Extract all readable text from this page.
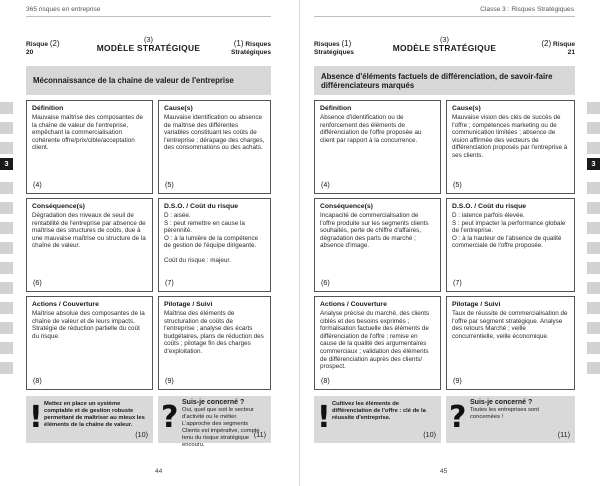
365 risques en entreprise
Risque (2)
20
(3)
MODÈLE STRATÉGIQUE	(1) Risques
Stratégiques
Méconnaissance de la chaine de valeur de l'entreprise
Définition

Mauvaise maîtrise des composantes de la chaîne de valeur de l'entreprise, empêchant la commercialisation cohérente offre/prix/cible/acceptation client.

(4)
Cause(s)

Mauvaise identification ou absence de maîtrise des différentes variables constituant les coûts de l'entreprise ; dérapage des charges, des consommations ou des achats.

(5)
Conséquence(s)

Dégradation des niveaux de seuil de rentabilité de l'entreprise par absence de maîtrise des structures de coûts, due à une mauvaise maîtrise ou structure de la chaîne de valeur.

(6)
D.S.O. / Coût du risque

D : aisée.
S : peut remettre en cause la pérennité.
O : à la lumière de la compétence de gestion de l'équipe dirigeante.

Coût du risque : majeur.

(7)
Actions / Couverture

Maîtrise absolue des composantes de la chaîne de valeur et de leurs impacts. Stratégie de réduction partielle du coût du risque.

(8)
Pilotage / Suivi

Maîtrise des éléments de structuration de coûts de l'entreprise ; analyse des écarts budgétaires, plans de réduction des coûts ; pilotage fin des charges d'exploitation.

(9)
! Mettez en place un système comptable et de gestion robuste permettant de maîtriser au mieux les éléments de la chaîne de valeur.
(10) ? Suis-je concerné ?
Oui, quel que soit le secteur d'activité ou le métier. L'approche des segments Clients est impérative, compte tenu du risque stratégique encouru.
(11)
44
3
Classe 3 : Risques Stratégiques
Risques (1)
Stratégiques
(3)
MODÈLE STRATÉGIQUE	(2) Risque
21
Absence d'éléments factuels de différenciation, de savoir-faire différenciateurs marqués
Définition

Absence d'identification ou de renforcement des éléments de différenciation de l'offre proposée au client par rapport à la concurrence.

(4)
Cause(s)

Mauvaise vision des clés de succès de l'offre ; compétences marketing ou de communication limitées ; absence de vision affirmée des vecteurs de différenciation proposés par l'entreprise à ses clients.

(5)
Conséquence(s)

Incapacité de commercialisation de l'offre produite sur les segments clients souhaités, perte de chiffre d'affaires, dégradation des parts de marché ; absence d'image.

(6)
D.S.O. / Coût du risque

D : latence parfois élevée.
S : peut impacter la performance globale de l'entreprise.
O : à la hauteur de l'absence de qualité commerciale de l'offre proposée.

(7)
Actions / Couverture

Analyse précise du marché, des clients ciblés et des besoins exprimés ; formalisation factuelle des éléments de différenciation de l'offre ; remise en cause de la qualité des argumentaires commerciaux ; validation des éléments de différenciation auprès des clients/ prospect.

(8)
Pilotage / Suivi

Taux de réussite de commercialisation de l'offre par segment stratégique. Analyse des retours Marché ; veille concurrentielle, veille économique.

(9)
! Cultivez les éléments de différenciation de l'offre : clé de la réussite d'entreprise.
(10) ? Suis-je concerné ?
Toutes les entreprises sont concernées !
(11)
45
3
